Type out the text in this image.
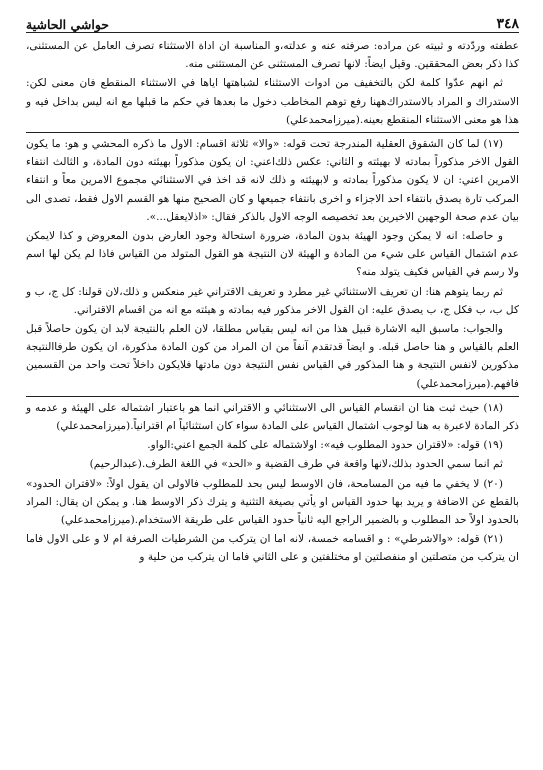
٣٤٨
حواشي الحاشية

عطفته وردّدته و ثبيته عن مراده: صرفته عنه و عدلته،و المناسبة ان اداة الاستثناء تصرف العامل عن المستثنى، كذا ذكر بعض المحققين. وقيل ايضاً: لانها تصرف المستثنى عن المستثنى منه.

ثم انهم عدّوا كلمة لكن بالتخفيف من ادوات الاستثناء لشباهتها اياها في الاستثناء المنقطع فان معنى لكن: الاستدراك و المراد بالاستدراك‌ههنا رفع توهم المخاطب دخول ما بعدها في حكم ما قبلها مع انه ليس بداخل فيه و هذا هو معنى الاستثناء المنقطع بعينه.(ميرزامحمدعلي)

(١٧) لما كان الشقوق العقلية المندرجة تحت قوله: «والا» ثلاثة اقسام: الاول ما ذكره المحشي و هو: ما يكون القول الاخر مذكوراً بمادته لا بهيئته و الثاني: عكس ذلك‌اعني: ان يكون مذكوراً بهيئته دون المادة، و الثالث انتفاء الامرين اعني: ان لا يكون مذكوراً بمادته و لابهيئته و ذلك لانه قد اخذ في الاستثنائي مجموع الامرين معاً و انتفاء المركب تارة يصدق بانتفاء احد الاجزاء و اخرى بانتفاء جميعها و كان الصحيح منها هو القسم الاول فقط، تصدى الى بيان عدم صحة الوجهين الاخيرين بعد تخصيصه الوجه الاول بالذكر فقال: «اذلايعقل...».

و حاصله: انه لا يمكن وجود الهيئة بدون المادة، ضرورة استحالة وجود العارض بدون المعروض و كذا لايمكن عدم اشتمال القياس على شيء من المادة و الهيئة لان النتيجة هو القول المتولد من القياس فاذا لم يكن لها اسم ولا رسم في القياس فكيف يتولد منه؟

ثم ربما يتوهم هنا: ان تعريف الاستثنائي غير مطرد و تعريف الاقتراني غير منعكس و ذلك،لان قولنا: كل ج، ب و كل ب، ب فكل ج، ب يصدق عليه: ان القول الاخر مذكور فيه بمادته و هيئته مع انه من اقسام الاقتراني.

والجواب: ماسبق اليه الاشارة قبيل هذا من انه ليس بقياس مطلقا، لان العلم بالنتيجة لابد ان يكون حاصلاً قبل العلم بالقياس و هنا حاصل قبله. و ايضاً قدتقدم آنفاً من ان المراد من كون المادة مذكورة، ان يكون طرفاالنتيجة مذكورين لانفس النتيجة و هنا المذكور في القياس نفس النتيجة دون مادتها فلايكون داخلاً تحت واحد من القسمين فافهم.(ميرزامحمدعلي)

(١٨) حيث ثبت هنا ان انقسام القياس الى الاستثنائي و الاقتراني انما هو باعتبار اشتماله على الهيئة و عدمه و ذكر المادة لاعبرة به هنا لوجوب اشتمال القياس على المادة سواء كان استثنائياً ام اقترانياً.(ميرزامحمدعلي)

(١٩) قوله: «لاقتران حدود المطلوب فيه»: اولاشتماله على كلمة الجمع اعني:الواو.

ثم انما سمي الحدود بذلك،لانها واقعة في طرف القضية و «الحد» في اللغة الطرف.(عبدالرحيم)

(٢٠) لا يخفي ما فيه من المسامحة، فان الاوسط ليس بحد للمطلوب فالاولى ان يقول اولاً: «لاقتران الحدود» بالقطع عن الاضافة و يريد بها حدود القياس او يأتي بصيغة التثنية و يترك ذكر الاوسط هنا. و يمكن ان يقال: المراد بالحدود اولاً حد المطلوب و بالضمير الراجع اليه ثانياً حدود القياس على طريقة الاستخدام.(ميرزامحمدعلي)

(٢١) قوله: «والاشرطي» : و اقسامه خمسة، لانه اما ان يتركب من الشرطيات الصرفة ام لا و على الاول فاما ان يتركب من متصلتين او منفصلتين او مختلفتين و على الثاني فاما ان يتركب من حلية و
